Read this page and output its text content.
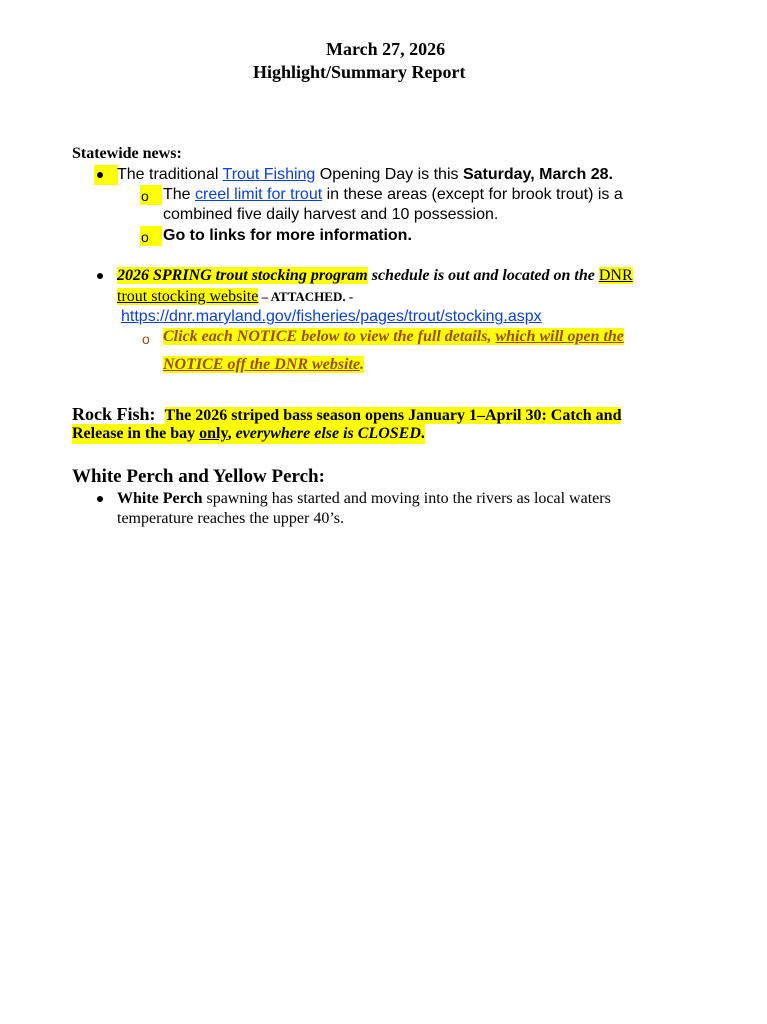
March 27, 2026
Highlight/Summary Report
Statewide news:
The traditional Trout Fishing Opening Day is this Saturday, March 28.
o The creel limit for trout in these areas (except for brook trout) is a
combined five daily harvest and 10 possession.
o Go to links for more information.
2026 SPRING trout stocking program schedule is out and located on the DNR
trout stocking website – ATTACHED. -
https://dnr.maryland.gov/fisheries/pages/trout/stocking.aspx
o Click each NOTICE below to view the full details, which will open the
NOTICE off the DNR website.
Rock Fish: The 2026 striped bass season opens January 1–April 30: Catch and
Release in the bay only, everywhere else is CLOSED.
White Perch and Yellow Perch:
White Perch spawning has started and moving into the rivers as local waters
temperature reaches the upper 40’s.
